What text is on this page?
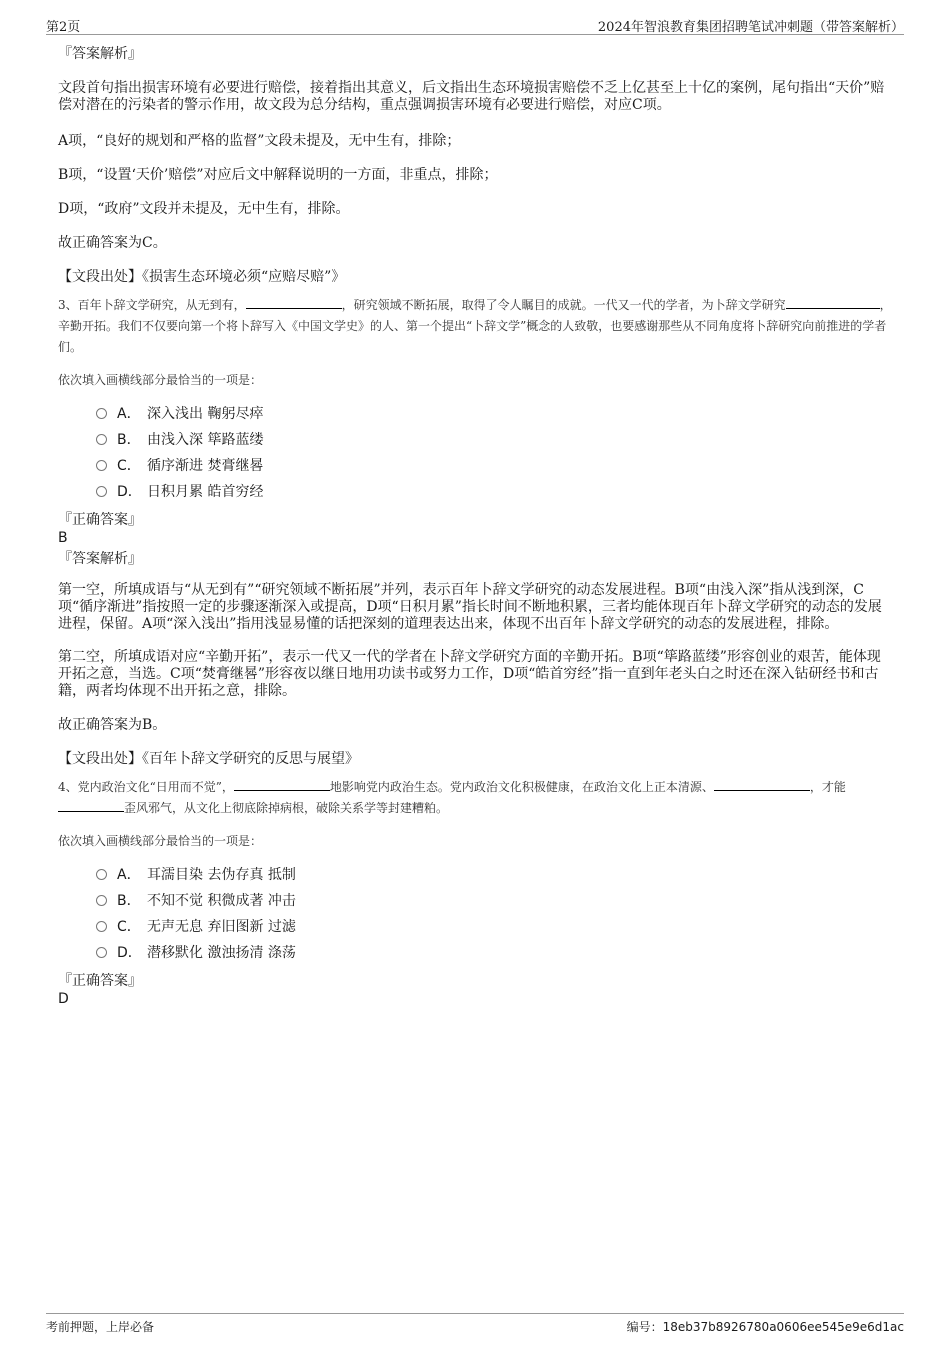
第2页	2024年智浪教育集团招聘笔试冲刺题（带答案解析）
『答案解析』
文段首句指出损害环境有必要进行赔偿，接着指出其意义，后文指出生态环境损害赔偿不乏上亿甚至上十亿的案例，尾句指出“天价”赔偿对潜在的污染者的警示作用，故文段为总分结构，重点强调损害环境有必要进行赔偿，对应C项。
A项，“良好的规划和严格的监督”文段未提及，无中生有，排除；
B项，“设置‘天价’赔偿”对应后文中解释说明的一方面，非重点，排除；
D项，“政府”文段并未提及，无中生有，排除。
故正确答案为C。
【文段出处】《损害生态环境必须“应赔尽赔”》
3、百年卜辞文学研究，从无到有，	，研究领域不断拓展，取得了令人瞩目的成就。一代又一代的学者，为卜辞文学研究	，辛勤开拓。我们不仅要向第一个将卜辞写入《中国文学史》的人、第一个提出“卜辞文学”概念的人致敬，也要感谢那些从不同角度将卜辞研究向前推进的学者们。
依次填入画横线部分最恰当的一项是：
A． 深入浅出 鞠躬尽瘁
B． 由浅入深 筚路蓝缕
C． 循序渐进 焚膏继晷
D． 日积月累 皓首穷经
『正确答案』
B
『答案解析』
第一空，所填成语与“从无到有”“研究领域不断拓展”并列，表示百年卜辞文学研究的动态发展进程。B项“由浅入深”指从浅到深，C项“循序渐进”指按照一定的步骤逐渐深入或提高，D项“日积月累”指长时间不断地积累，三者均能体现百年卜辞文学研究的动态的发展进程，保留。A项“深入浅出”指用浅显易懂的话把深刻的道理表达出来，体现不出百年卜辞文学研究的动态的发展进程，排除。
第二空，所填成语对应“辛勤开拓”，表示一代又一代的学者在卜辞文学研究方面的辛勤开拓。B项“筚路蓝缕”形容创业的艰苦，能体现开拓之意，当选。C项“焚膏继晷”形容夜以继日地用功读书或努力工作，D项“皓首穷经”指一直到年老头白之时还在深入钻研经书和古籍，两者均体现不出开拓之意，排除。
故正确答案为B。
【文段出处】《百年卜辞文学研究的反思与展望》
4、党内政治文化“日用而不觉”，	地影响党内政治生态。党内政治文化积极健康，在政治文化上正本清源、	，才能歪风邪气，从文化上彻底除掉病根，破除关系学等封建糟粕。
依次填入画横线部分最恰当的一项是：
A． 耳濡目染 去伪存真 抵制
B． 不知不觉 积微成著 冲击
C． 无声无息 弃旧图新 过滤
D． 潜移默化 激浊扬清 涤荡
『正确答案』
D
考前押题，上岸必备	编号：18eb37b8926780a0606ee545e9e6d1ac
